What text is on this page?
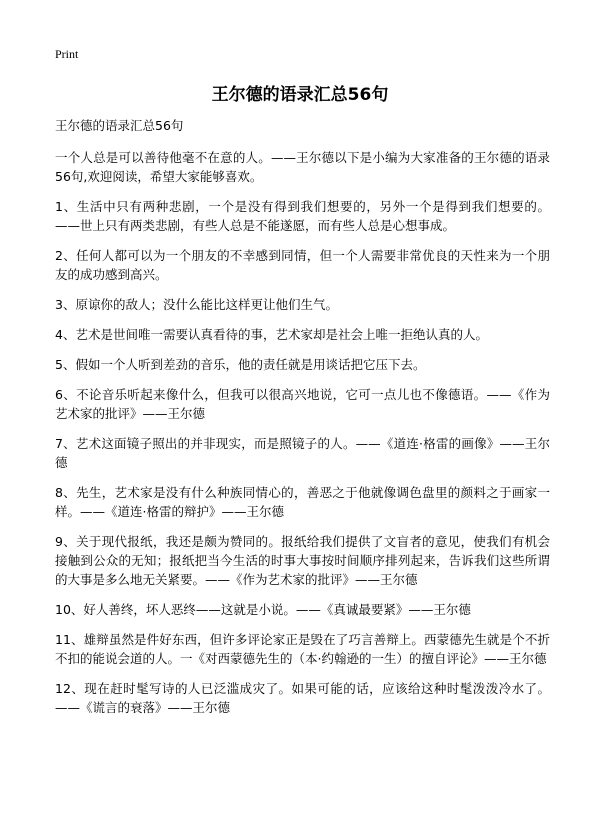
Print
王尔德的语录汇总56句

王尔德的语录汇总56句

一个人总是可以善待他毫不在意的人。——王尔德以下是小编为大家准备的王尔德的语录56句,欢迎阅读，希望大家能够喜欢。

1、生活中只有两种悲剧，一个是没有得到我们想要的，另外一个是得到我们想要的。——世上只有两类悲剧，有些人总是不能遂愿，而有些人总是心想事成。

2、任何人都可以为一个朋友的不幸感到同情，但一个人需要非常优良的天性来为一个朋友的成功感到高兴。

3、原谅你的敌人；没什么能比这样更让他们生气。

4、艺术是世间唯一需要认真看待的事，艺术家却是社会上唯一拒绝认真的人。

5、假如一个人听到差劲的音乐，他的责任就是用谈话把它压下去。

6、不论音乐听起来像什么，但我可以很高兴地说，它可一点儿也不像德语。——《作为艺术家的批评》——王尔德

7、艺术这面镜子照出的并非现实，而是照镜子的人。——《道连·格雷的画像》——王尔德

8、先生，艺术家是没有什么种族同情心的，善恶之于他就像调色盘里的颜料之于画家一样。——《道连·格雷的辩护》——王尔德

9、关于现代报纸，我还是颇为赞同的。报纸给我们提供了文盲者的意见，使我们有机会接触到公众的无知；报纸把当今生活的时事大事按时间顺序排列起来，告诉我们这些所谓的大事是多么地无关紧要。——《作为艺术家的批评》——王尔德

10、好人善终，坏人恶终——这就是小说。——《真诚最要紧》——王尔德

11、雄辩虽然是件好东西，但许多评论家正是毁在了巧言善辩上。西蒙德先生就是个不折不扣的能说会道的人。一《对西蒙德先生的（本·约翰逊的一生）的擅自评论》——王尔德

12、现在赶时髦写诗的人已泛滥成灾了。如果可能的话，应该给这种时髦泼泼冷水了。——《谎言的衰落》——王尔德
